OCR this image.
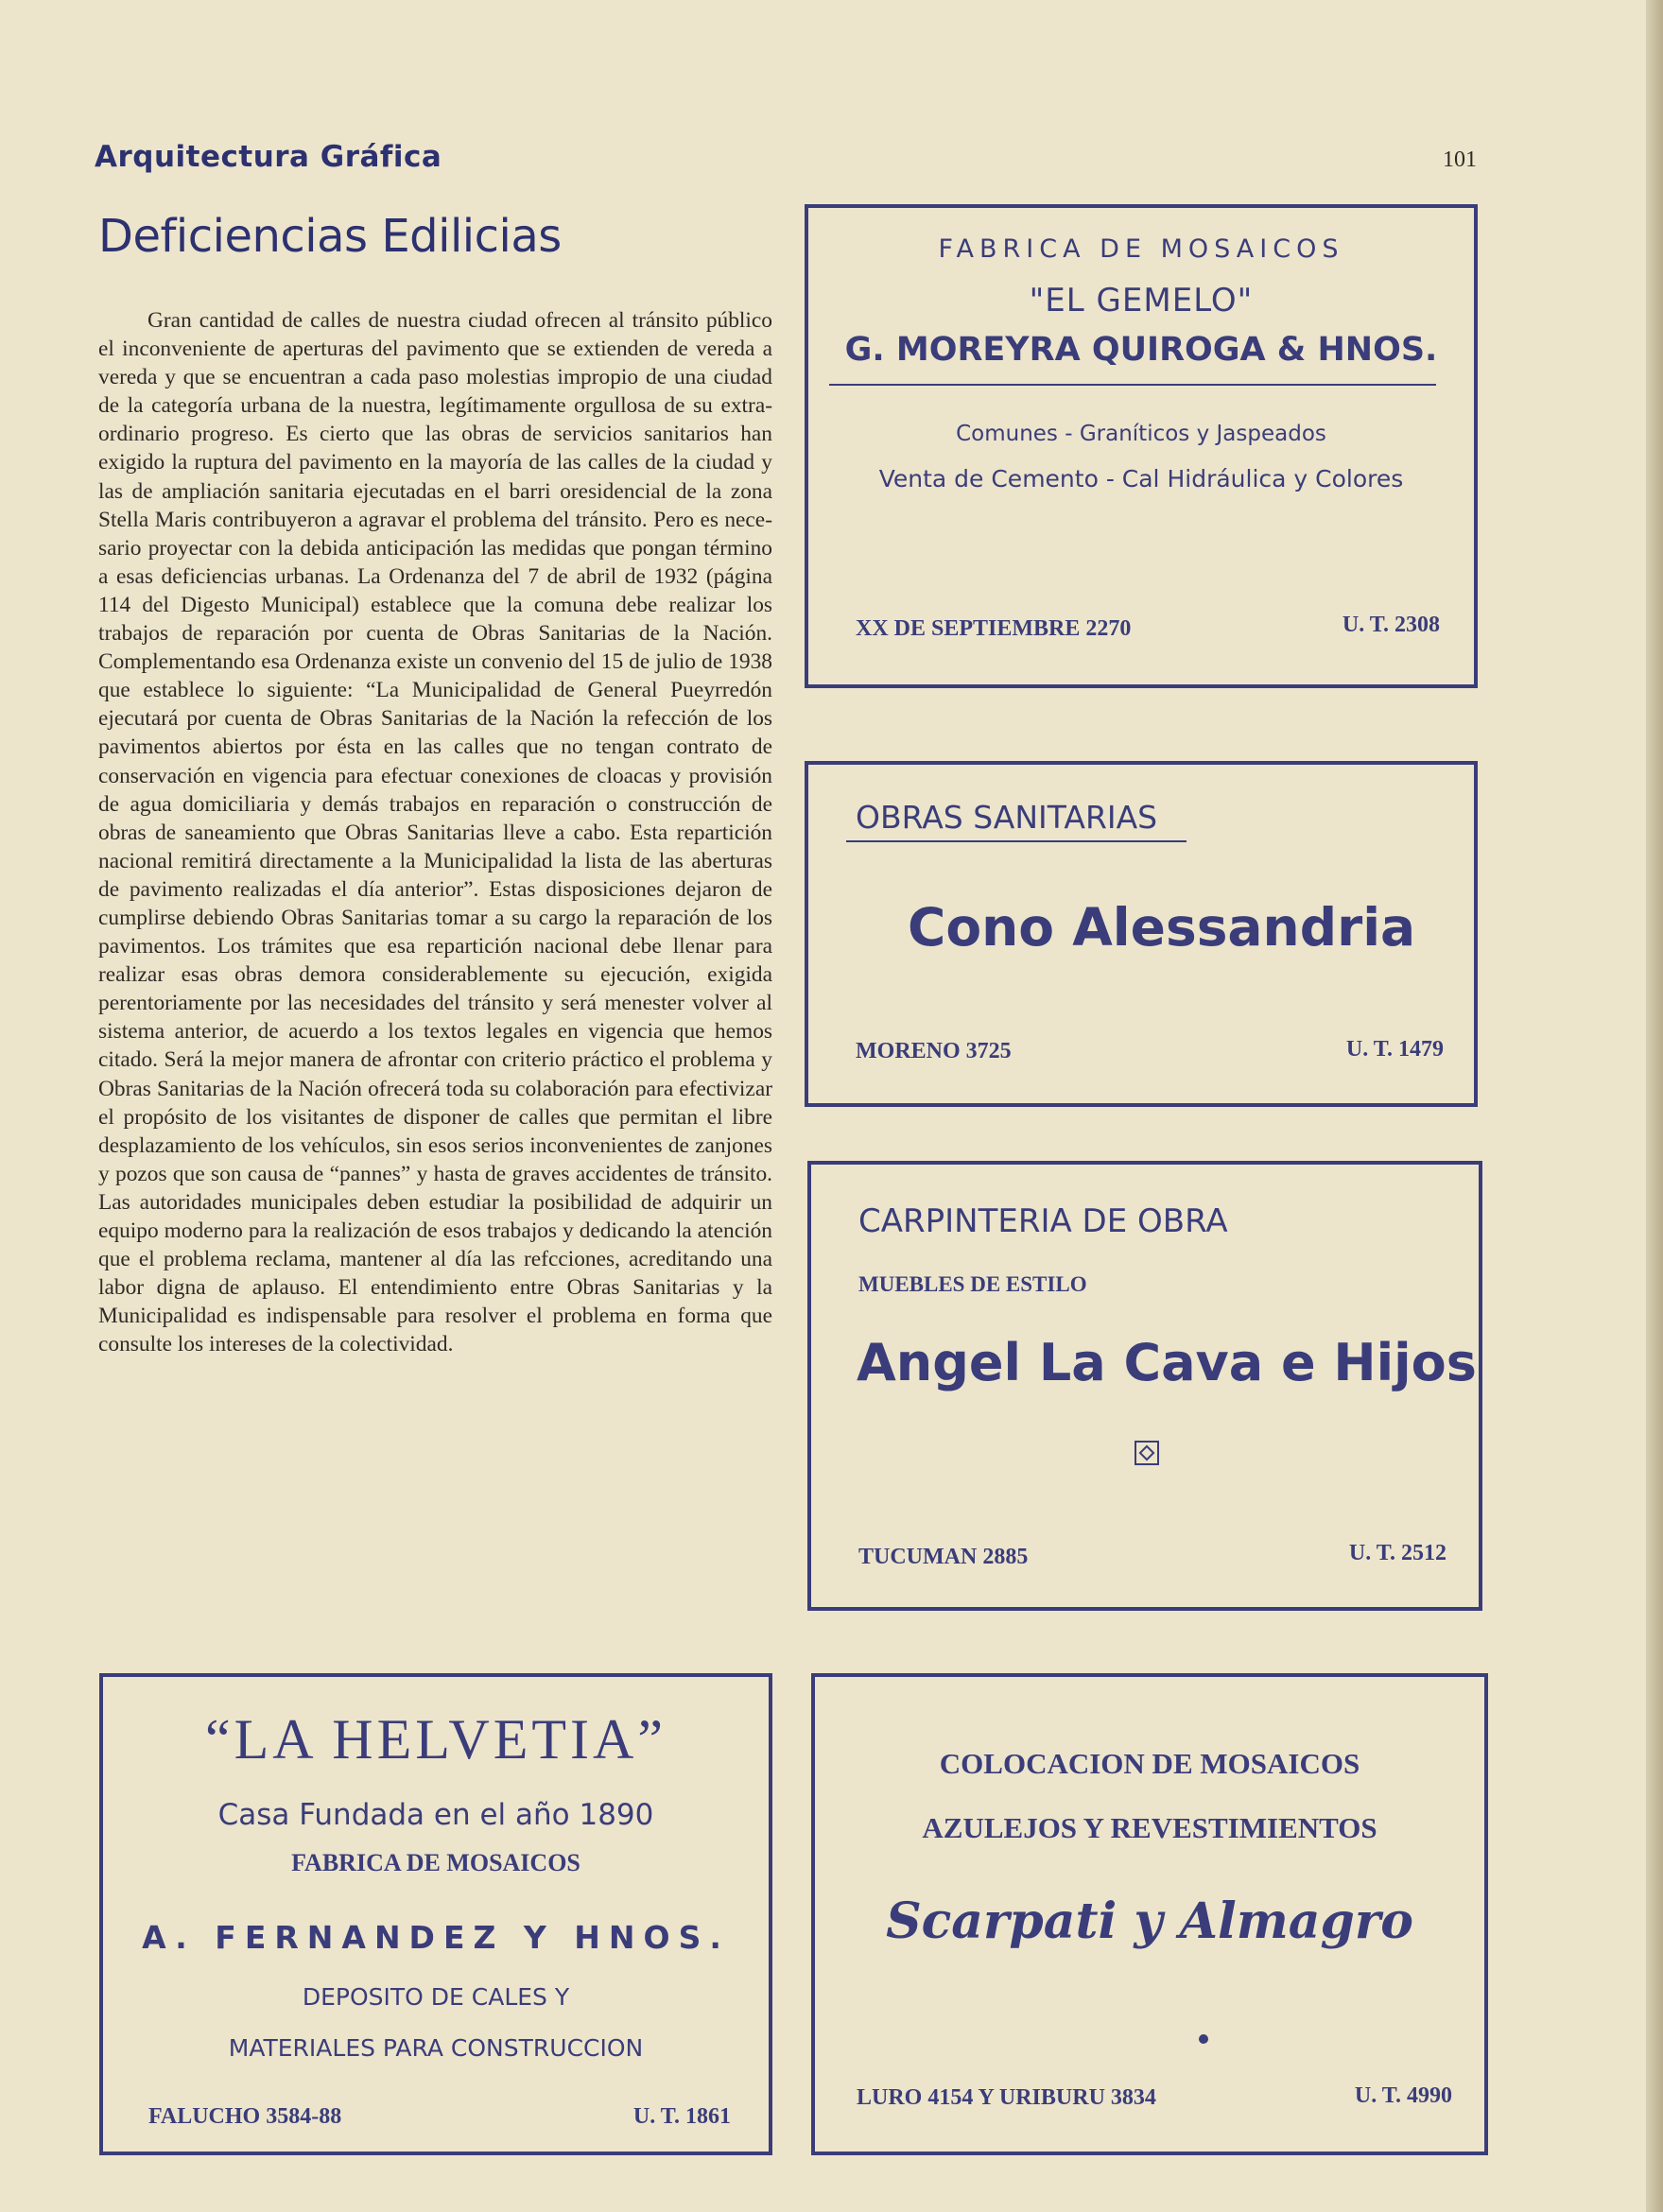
Arquitectura Gráfica	101
Deficiencias Edilicias

Gran cantidad de calles de nuestra ciudad ofrecen al tránsito público el inconveniente de aperturas del pavimento que se extienden de vereda a vereda y que se encuentran a cada paso molestias impropio de una ciudad de la categoría urbana de la nuestra, legítimamente orgullosa de su extraordinario progreso. Es cierto que las obras de servicios sanitarios han exigido la ruptura del pavimento en la mayoría de las calles de la ciudad y las de ampliación sanitaria ejecutadas en el barri oresidencial de la zona Stella Maris contribuyeron a agravar el problema del tránsito. Pero es necesario proyectar con la debida anticipación las medidas que pongan término a esas deficiencias urbanas. La Ordenanza del 7 de abril de 1932 (página 114 del Digesto Municipal) establece que la comuna debe realizar los trabajos de reparación por cuenta de Obras Sanitarias de la Nación. Complementando esa Ordenanza existe un convenio del 15 de julio de 1938 que establece lo siguiente: “La Municipalidad de General Pueyrredón ejecutará por cuenta de Obras Sanitarias de la Nación la refección de los pavimentos abiertos por ésta en las calles que no tengan contrato de conservación en vigencia para efectuar conexiones de cloacas y provisión de agua domiciliaria y demás trabajos en reparación o construcción de obras de saneamiento que Obras Sanitarias lleve a cabo. Esta repartición nacional remitirá directamente a la Municipalidad la lista de las aberturas de pavimento realizadas el día anterior”. Estas disposiciones dejaron de cumplirse debiendo Obras Sanitarias tomar a su cargo la reparación de los pavimentos. Los trámites que esa repartición nacional debe llenar para realizar esas obras demora considerablemente su ejecución, exigida perentoriamente por las necesidades del tránsito y será menester volver al sistema anterior, de acuerdo a los textos legales en vigencia que hemos citado. Será la mejor manera de afrontar con criterio práctico el problema y Obras Sanitarias de la Nación ofrecerá toda su colaboración para efectivizar el propósito de los visitantes de disponer de calles que permitan el libre desplazamiento de los vehículos, sin esos serios inconvenientes de zanjones y pozos que son causa de “pannes” y hasta de graves accidentes de tránsito. Las autoridades municipales deben estudiar la posibilidad de adquirir un equipo moderno para la realización de esos trabajos y dedicando la atención que el problema reclama, mantener al día las refcciones, acreditando una labor digna de aplauso. El entendimiento entre Obras Sanitarias y la Municipalidad es indispensable para resolver el problema en forma que consulte los intereses de la colectividad.

FABRICA DE MOSAICOS
"EL GEMELO"
G. MOREYRA QUIROGA & HNOS.
Comunes - Graníticos y Jaspeados
Venta de Cemento - Cal Hidráulica y Colores
XX DE SEPTIEMBRE 2270	U. T. 2308
OBRAS SANITARIAS
Cono Alessandria
MORENO 3725	U. T. 1479
CARPINTERIA DE OBRA
MUEBLES DE ESTILO
Angel La Cava e Hijos
TUCUMAN 2885	U. T. 2512
“LA HELVETIA”
Casa Fundada en el año 1890
FABRICA DE MOSAICOS
A. FERNANDEZ Y HNOS.
DEPOSITO DE CALES Y
MATERIALES PARA CONSTRUCCION
FALUCHO 3584-88	U. T. 1861
COLOCACION DE MOSAICOS
AZULEJOS Y REVESTIMIENTOS
Scarpati y Almagro
LURO 4154 Y URIBURU 3834	U. T. 4990
